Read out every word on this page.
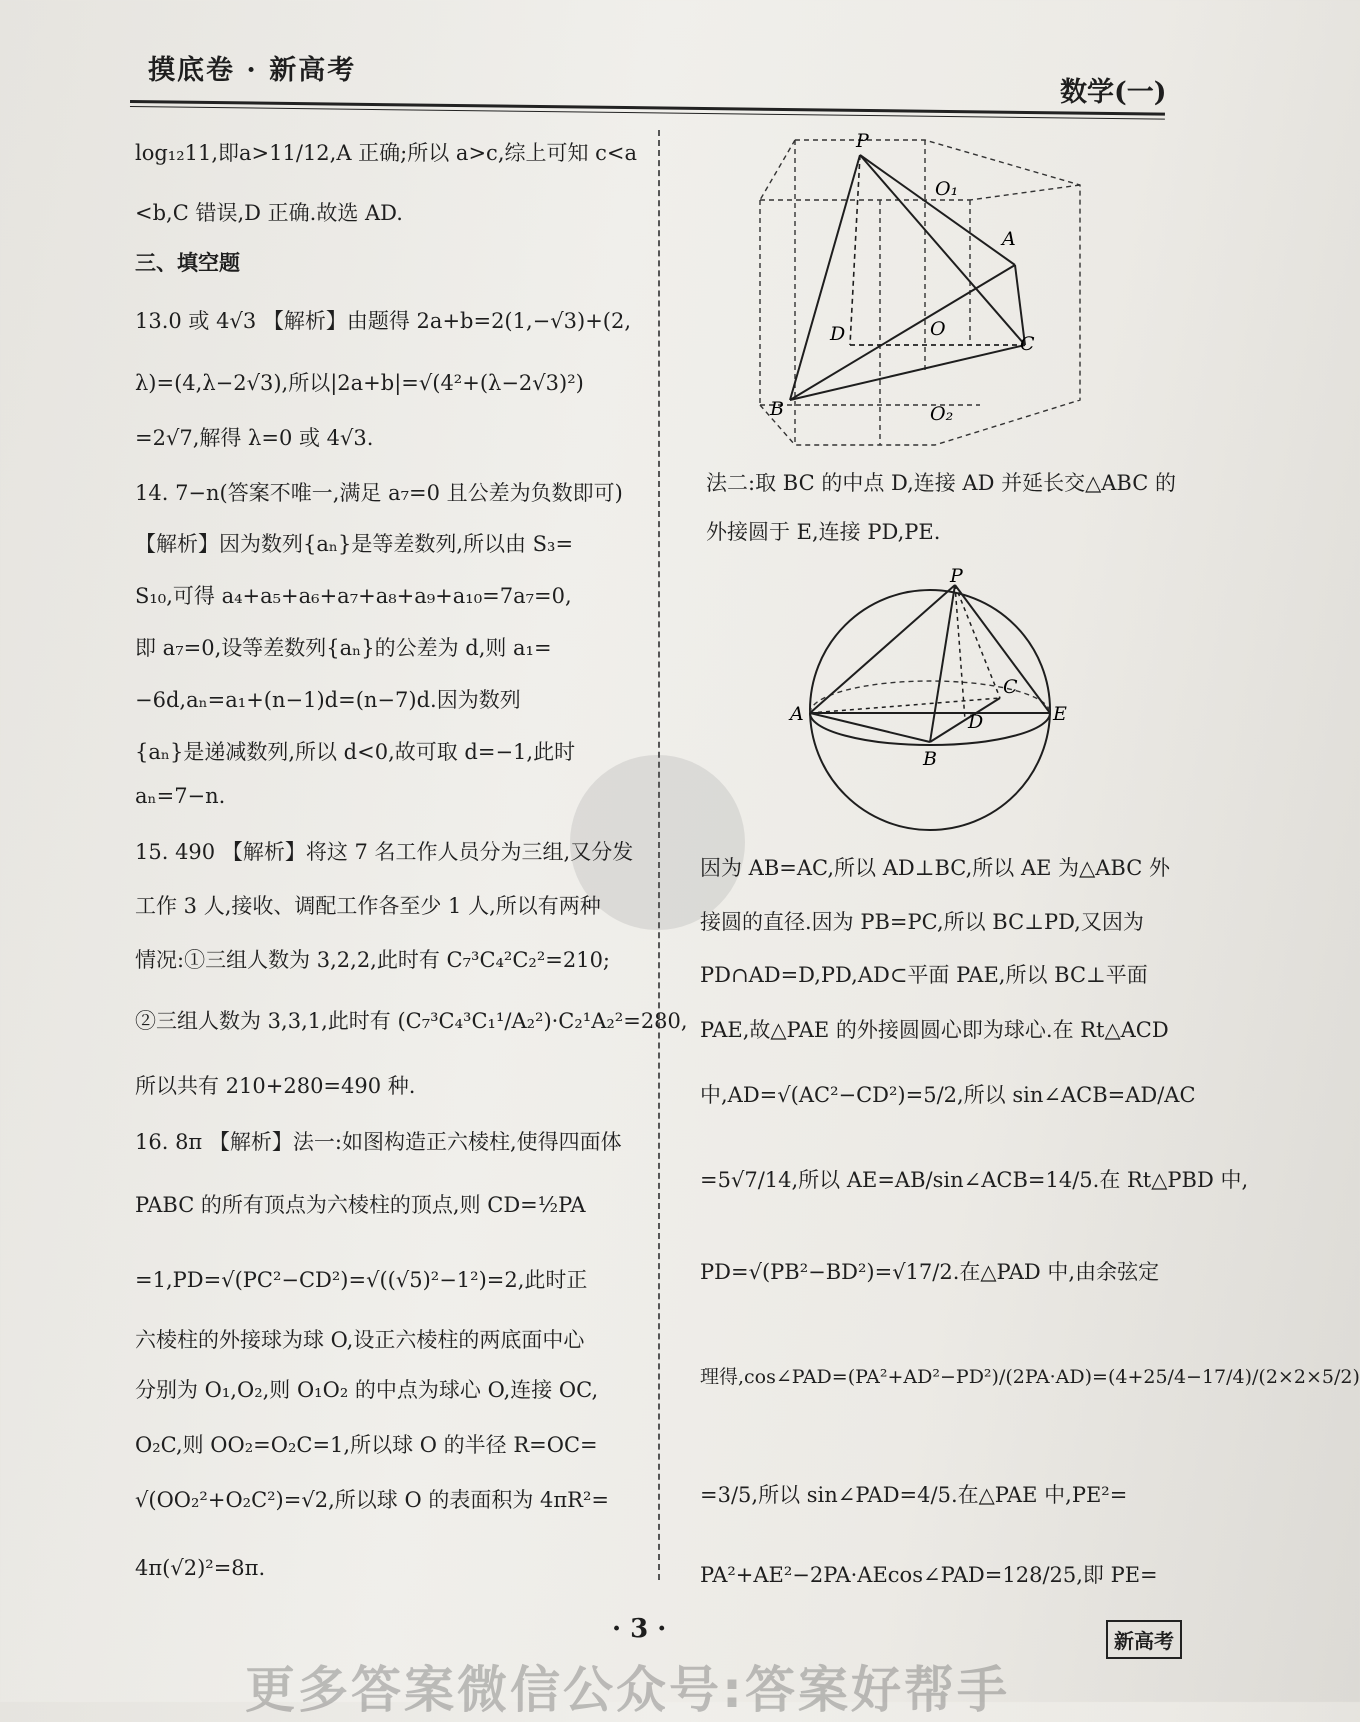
摸底卷 · 新高考
数学(一)
log₁₂11,即a>11/12,A 正确;所以 a>c,综上可知 c<a
<b,C 错误,D 正确.故选 AD.
三、填空题
13.0 或 4√3 【解析】由题得 2a+b=2(1,−√3)+(2,
λ)=(4,λ−2√3),所以|2a+b|=√(4²+(λ−2√3)²)
=2√7,解得 λ=0 或 4√3.
14. 7−n(答案不唯一,满足 a₇=0 且公差为负数即可)
【解析】因为数列{aₙ}是等差数列,所以由 S₃=
S₁₀,可得 a₄+a₅+a₆+a₇+a₈+a₉+a₁₀=7a₇=0,
即 a₇=0,设等差数列{aₙ}的公差为 d,则 a₁=
−6d,aₙ=a₁+(n−1)d=(n−7)d.因为数列
{aₙ}是递减数列,所以 d<0,故可取 d=−1,此时
aₙ=7−n.
15. 490 【解析】将这 7 名工作人员分为三组,又分发
工作 3 人,接收、调配工作各至少 1 人,所以有两种
情况:①三组人数为 3,2,2,此时有 C₇³C₄²C₂²=210;
②三组人数为 3,3,1,此时有 (C₇³C₄³C₁¹/A₂²)·C₂¹A₂²=280,
所以共有 210+280=490 种.
16. 8π 【解析】法一:如图构造正六棱柱,使得四面体
PABC 的所有顶点为六棱柱的顶点,则 CD=½PA
=1,PD=√(PC²−CD²)=√((√5)²−1²)=2,此时正
六棱柱的外接球为球 O,设正六棱柱的两底面中心
分别为 O₁,O₂,则 O₁O₂ 的中点为球心 O,连接 OC,
O₂C,则 OO₂=O₂C=1,所以球 O 的半径 R=OC=
√(OO₂²+O₂C²)=√2,所以球 O 的表面积为 4πR²=
4π(√2)²=8π.
P
O₁
A
D	O
C
B	O₂
法二:取 BC 的中点 D,连接 AD 并延长交△ABC 的
外接圆于 E,连接 PD,PE.
P
A
C
D	E
B
因为 AB=AC,所以 AD⊥BC,所以 AE 为△ABC 外
接圆的直径.因为 PB=PC,所以 BC⊥PD,又因为
PD∩AD=D,PD,AD⊂平面 PAE,所以 BC⊥平面
PAE,故△PAE 的外接圆圆心即为球心.在 Rt△ACD
中,AD=√(AC²−CD²)=5/2,所以 sin∠ACB=AD/AC
=5√7/14,所以 AE=AB/sin∠ACB=14/5.在 Rt△PBD 中,
PD=√(PB²−BD²)=√17/2.在△PAD 中,由余弦定
理得,cos∠PAD=(PA²+AD²−PD²)/(2PA·AD)=(4+25/4−17/4)/(2×2×5/2)
=3/5,所以 sin∠PAD=4/5.在△PAE 中,PE²=
PA²+AE²−2PA·AEcos∠PAD=128/25,即 PE=
· 3 ·	新高考
更多答案微信公众号:答案好帮手
